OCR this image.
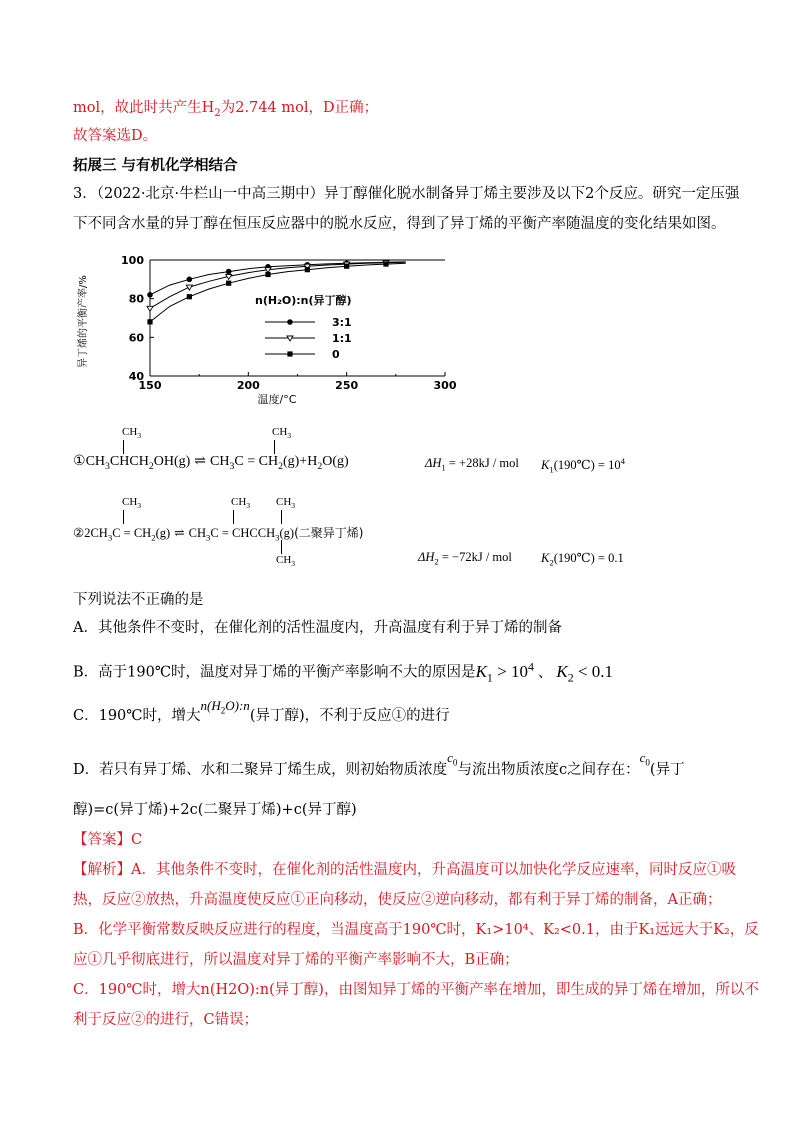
mol，故此时共产生$H_2$为2.744 mol，D正确；
故答案选D。
拓展三 与有机化学相结合
3．（2022·北京·牛栏山一中高三期中）异丁醇催化脱水制备异丁烯主要涉及以下2个反应。研究一定压强
下不同含水量的异丁醇在恒压反应器中的脱水反应，得到了异丁烯的平衡产率随温度的变化结果如图。
100
80
60
40
150	200	250	300
温度/°C
异丁烯的平衡产率/%	n(H₂O):n(异丁醇)
3:1
1:1
0
$CH_3$	$CH_3$
$①CH_3CHCH_2OH(g)$ ⇌ $CH_3C = CH_2(g)+H_2O(g)$	$\Delta H_1 = +28kJ$ / mol $K_1(190℃) = 10^4$
$CH_3$	$CH_3$ $CH_3$
$②2CH_3C = CH_2(g)$ ⇌ $CH_3C$ = $CHCCH_3(g)$(二聚异丁烯)
$CH_3$	$\Delta H_2 = -72kJ$ / mol $K_2(190℃) = 0.1$
下列说法不正确的是
A．其他条件不变时，在催化剂的活性温度内，升高温度有利于异丁烯的制备
B．高于190℃时，温度对异丁烯的平衡产率影响不大的原因是$K_1 > 10^4$ 、 $K_2 < 0.1$
C．190℃时，增大$n(H_2O):n$(异丁醇)，不利于反应①的进行
D．若只有异丁烯、水和二聚异丁烯生成，则初始物质浓度$c_0$与流出物质浓度c之间存在：$c_0$(异丁
醇)=c(异丁烯)+2c(二聚异丁烯)+c(异丁醇)
【答案】C
【解析】A．其他条件不变时，在催化剂的活性温度内，升高温度可以加快化学反应速率，同时反应①吸
热，反应②放热，升高温度使反应①正向移动，使反应②逆向移动，都有利于异丁烯的制备，A正确；
B．化学平衡常数反映反应进行的程度，当温度高于190℃时，K₁>10⁴、K₂<0.1，由于K₁远远大于K₂，反
应①几乎彻底进行，所以温度对异丁烯的平衡产率影响不大，B正确；
C．190℃时，增大n(H2O):n(异丁醇)，由图知异丁烯的平衡产率在增加，即生成的异丁烯在增加，所以不
利于反应②的进行，C错误；
